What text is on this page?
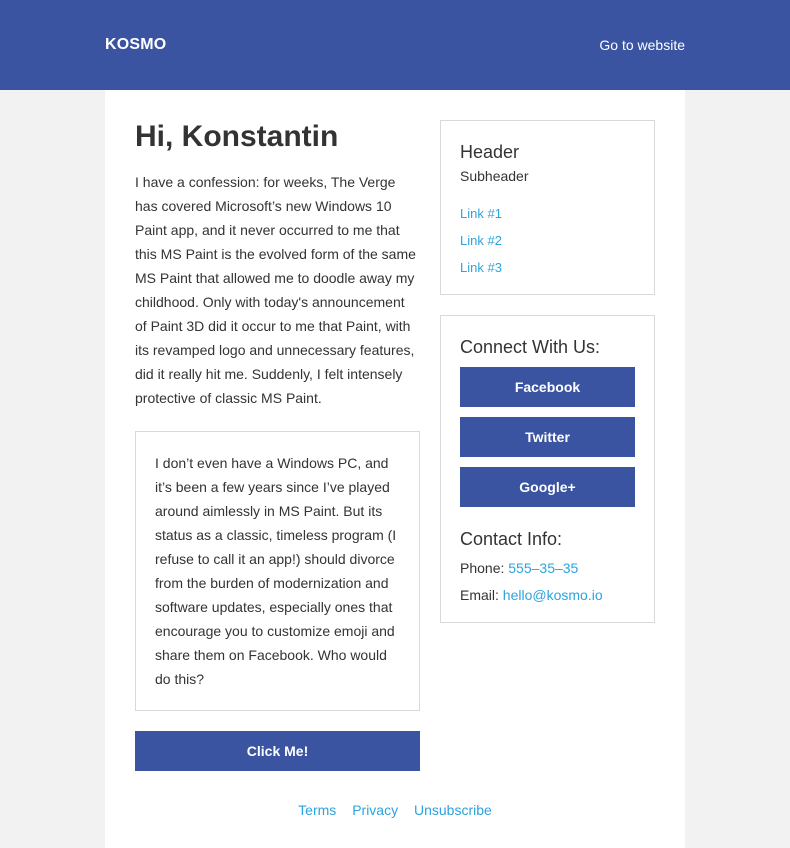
KOSMO	Go to website
Hi, Konstantin

I have a confession: for weeks, The Verge has covered Microsoft’s new Windows 10 Paint app, and it never occurred to me that this MS Paint is the evolved form of the same MS Paint that allowed me to doodle away my childhood. Only with today's announcement of Paint 3D did it occur to me that Paint, with its revamped logo and unnecessary features, did it really hit me. Suddenly, I felt intensely protective of classic MS Paint.

I don’t even have a Windows PC, and it’s been a few years since I’ve played around aimlessly in MS Paint. But its status as a classic, timeless program (I refuse to call it an app!) should divorce from the burden of modernization and software updates, especially ones that encourage you to customize emoji and share them on Facebook. Who would do this?

Click Me!
Header
Subheader
Link #1
Link #2
Link #3
Connect With Us:
Facebook
Twitter
Google+
Contact Info:
Phone: 555–35–35
Email: hello@kosmo.io
Terms Privacy Unsubscribe
